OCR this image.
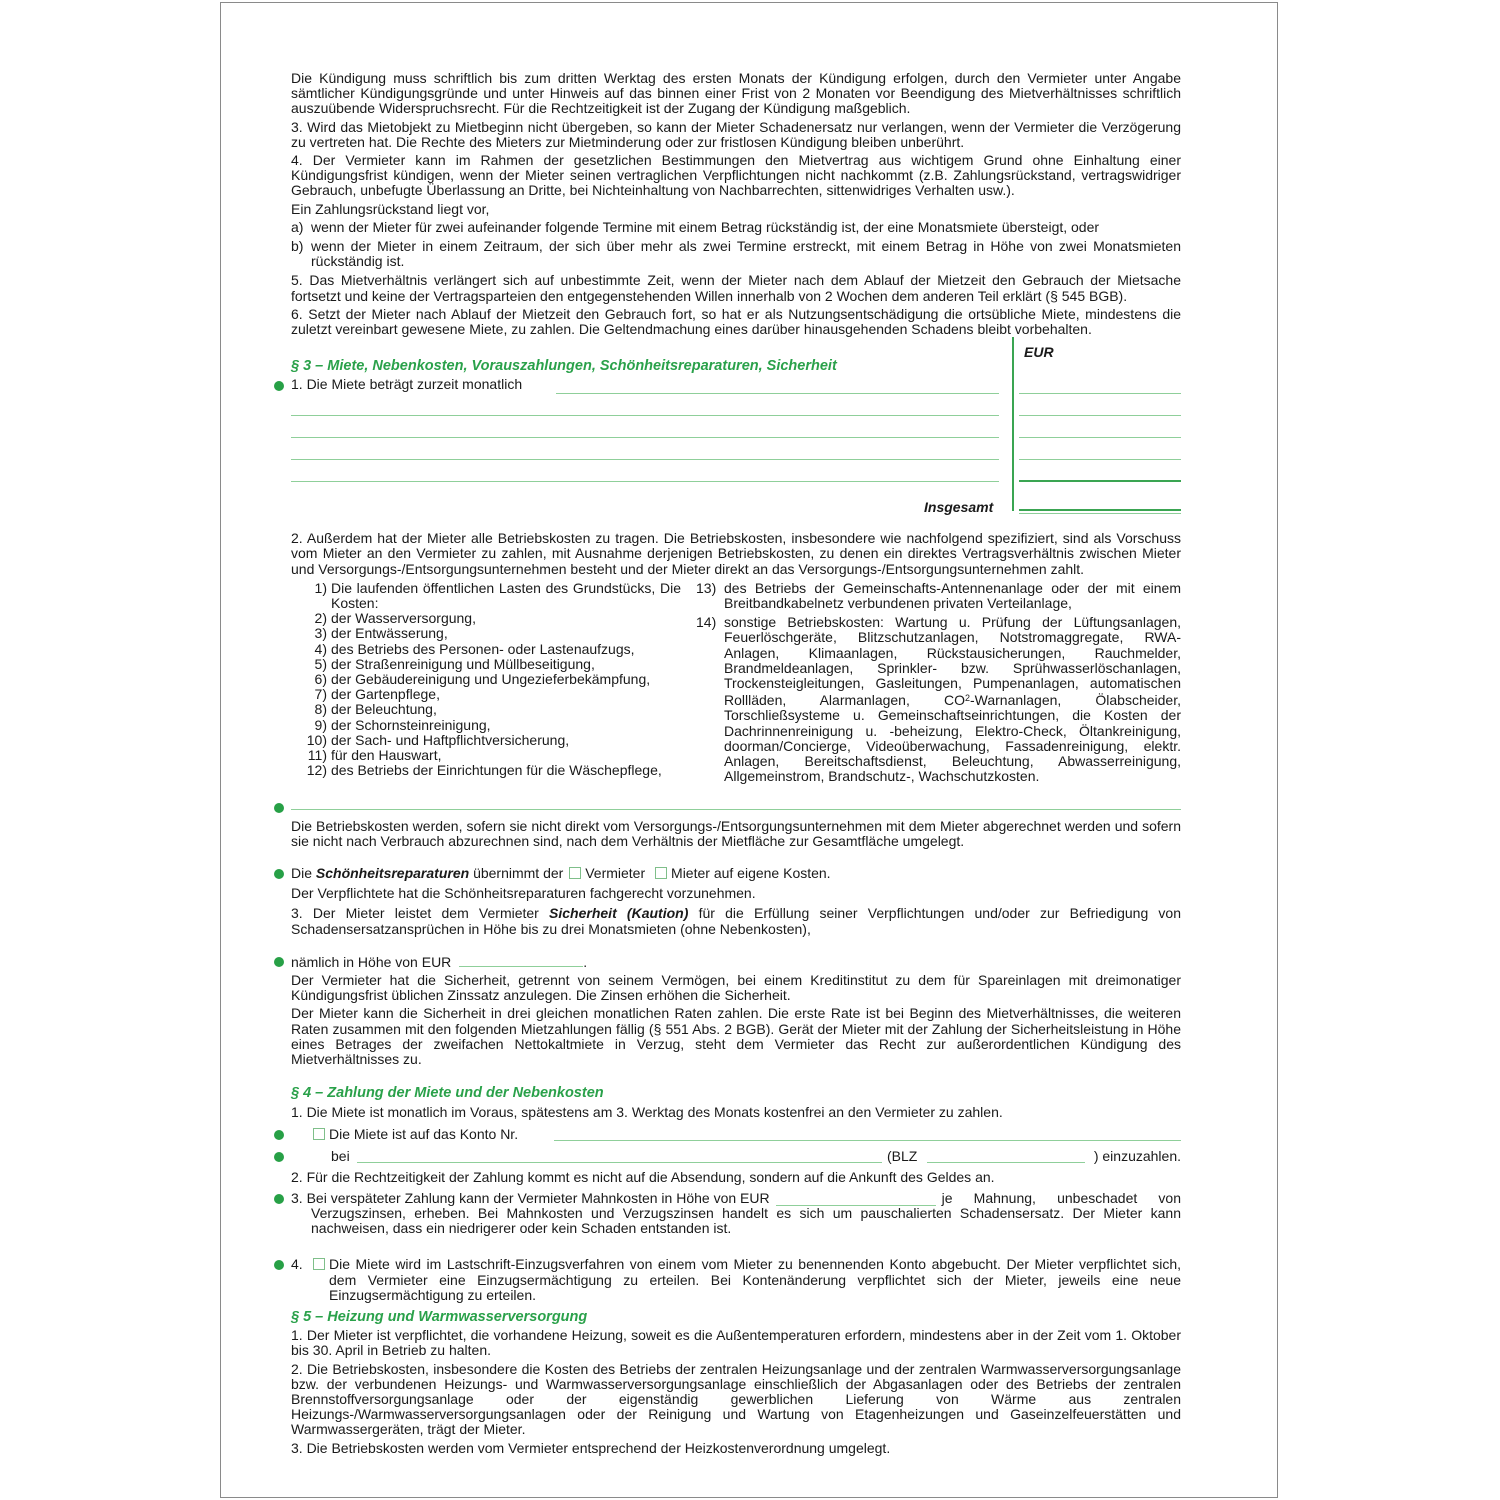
Die Kündigung muss schriftlich bis zum dritten Werktag des ersten Monats der Kündigung erfolgen, durch den Vermieter unter Angabe sämtlicher Kündigungsgründe und unter Hinweis auf das binnen einer Frist von 2 Monaten vor Beendigung des Mietverhältnisses schriftlich auszuübende Widerspruchsrecht. Für die Rechtzeitigkeit ist der Zugang der Kündigung maßgeblich.

3. Wird das Mietobjekt zu Mietbeginn nicht übergeben, so kann der Mieter Schadenersatz nur verlangen, wenn der Vermieter die Verzögerung zu vertreten hat. Die Rechte des Mieters zur Mietminderung oder zur fristlosen Kündigung bleiben unberührt.

4. Der Vermieter kann im Rahmen der gesetzlichen Bestimmungen den Mietvertrag aus wichtigem Grund ohne Einhaltung einer Kündigungsfrist kündigen, wenn der Mieter seinen vertraglichen Verpflichtungen nicht nachkommt (z.B. Zahlungsrückstand, vertragswidriger Gebrauch, unbefugte Überlassung an Dritte, bei Nichteinhaltung von Nachbarrechten, sittenwidriges Verhalten usw.).

Ein Zahlungsrückstand liegt vor,

a) wenn der Mieter für zwei aufeinander folgende Termine mit einem Betrag rückständig ist, der eine Monatsmiete übersteigt, oder
b) wenn der Mieter in einem Zeitraum, der sich über mehr als zwei Termine erstreckt, mit einem Betrag in Höhe von zwei Monatsmieten rückständig ist.

5. Das Mietverhältnis verlängert sich auf unbestimmte Zeit, wenn der Mieter nach dem Ablauf der Mietzeit den Gebrauch der Mietsache fortsetzt und keine der Vertragsparteien den entgegenstehenden Willen innerhalb von 2 Wochen dem anderen Teil erklärt (§ 545 BGB).

6. Setzt der Mieter nach Ablauf der Mietzeit den Gebrauch fort, so hat er als Nutzungsentschädigung die ortsübliche Miete, mindestens die zuletzt vereinbart gewesene Miete, zu zahlen. Die Geltendmachung eines darüber hinausgehenden Schadens bleibt vorbehalten.

§ 3 – Miete, Nebenkosten, Vorauszahlungen, Schönheitsreparaturen, Sicherheit
EUR
1. Die Miete beträgt zurzeit monatlich
Insgesamt

2. Außerdem hat der Mieter alle Betriebskosten zu tragen. Die Betriebskosten, insbesondere wie nachfolgend spezifiziert, sind als Vorschuss vom Mieter an den Vermieter zu zahlen, mit Ausnahme derjenigen Betriebskosten, zu denen ein direktes Vertragsverhältnis zwischen Mieter und Versorgungs-/Entsorgungsunternehmen besteht und der Mieter direkt an das Versorgungs-/Entsorgungsunternehmen zahlt.

1) Die laufenden öffentlichen Lasten des Grundstücks, Die Kosten:
2) der Wasserversorgung,
3) der Entwässerung,
4) des Betriebs des Personen- oder Lastenaufzugs,
5) der Straßenreinigung und Müllbeseitigung,
6) der Gebäudereinigung und Ungezieferbekämpfung,
7) der Gartenpflege,
8) der Beleuchtung,
9) der Schornsteinreinigung,
10) der Sach- und Haftpflichtversicherung,
11) für den Hauswart,
12) des Betriebs der Einrichtungen für die Wäschepflege,
13) des Betriebs der Gemeinschafts-Antennenanlage oder der mit einem Breitbandkabelnetz verbundenen privaten Verteilanlage,
14) sonstige Betriebskosten: Wartung u. Prüfung der Lüftungsanlagen, Feuerlöschgeräte, Blitzschutzanlagen, Notstromaggregate, RWA-Anlagen, Klimaanlagen, Rückstausicherungen, Rauchmelder, Brandmeldeanlagen, Sprinkler- bzw. Sprühwasserlöschanlagen, Trockensteigleitungen, Gasleitungen, Pumpenanlagen, automatischen Rollläden, Alarmanlagen, $CO^2$-Warnanlagen, Ölabscheider, Torschließsysteme u. Gemeinschaftseinrichtungen, die Kosten der Dachrinnenreinigung u. -beheizung, Elektro-Check, Öltankreinigung, doorman/Concierge, Videoüberwachung, Fassadenreinigung, elektr. Anlagen, Bereitschaftsdienst, Beleuchtung, Abwasserreinigung, Allgemeinstrom, Brandschutz-, Wachschutzkosten.

Die Betriebskosten werden, sofern sie nicht direkt vom Versorgungs-/Entsorgungsunternehmen mit dem Mieter abgerechnet werden und sofern sie nicht nach Verbrauch abzurechnen sind, nach dem Verhältnis der Mietfläche zur Gesamtfläche umgelegt.

Die Schönheitsreparaturen übernimmt der Vermieter Mieter auf eigene Kosten.

Der Verpflichtete hat die Schönheitsreparaturen fachgerecht vorzunehmen.

3. Der Mieter leistet dem Vermieter Sicherheit (Kaution) für die Erfüllung seiner Verpflichtungen und/oder zur Befriedigung von Schadensersatzansprüchen in Höhe bis zu drei Monatsmieten (ohne Nebenkosten),

nämlich in Höhe von EUR	.

Der Vermieter hat die Sicherheit, getrennt von seinem Vermögen, bei einem Kreditinstitut zu dem für Spareinlagen mit dreimonatiger Kündigungsfrist üblichen Zinssatz anzulegen. Die Zinsen erhöhen die Sicherheit.

Der Mieter kann die Sicherheit in drei gleichen monatlichen Raten zahlen. Die erste Rate ist bei Beginn des Mietverhältnisses, die weiteren Raten zusammen mit den folgenden Mietzahlungen fällig (§ 551 Abs. 2 BGB). Gerät der Mieter mit der Zahlung der Sicherheitsleistung in Höhe eines Betrages der zweifachen Nettokaltmiete in Verzug, steht dem Vermieter das Recht zur außerordentlichen Kündigung des Mietverhältnisses zu.

§ 4 – Zahlung der Miete und der Nebenkosten

1. Die Miete ist monatlich im Voraus, spätestens am 3. Werktag des Monats kostenfrei an den Vermieter zu zahlen.

Die Miete ist auf das Konto Nr.
bei	(BLZ	) einzuzahlen.

2. Für die Rechtzeitigkeit der Zahlung kommt es nicht auf die Absendung, sondern auf die Ankunft des Geldes an.

3. Bei verspäteter Zahlung kann der Vermieter Mahnkosten in Höhe von EUR	je Mahnung, unbeschadet von
Verzugszinsen, erheben. Bei Mahnkosten und Verzugszinsen handelt es sich um pauschalierten Schadensersatz. Der Mieter kann nachweisen, dass ein niedrigerer oder kein Schaden entstanden ist.
4.	Die Miete wird im Lastschrift-Einzugsverfahren von einem vom Mieter zu benennenden Konto abgebucht. Der Mieter verpflichtet sich, dem Vermieter eine Einzugsermächtigung zu erteilen. Bei Kontenänderung verpflichtet sich der Mieter, jeweils eine neue Einzugsermächtigung zu erteilen.
§ 5 – Heizung und Warmwasserversorgung

1. Der Mieter ist verpflichtet, die vorhandene Heizung, soweit es die Außentemperaturen erfordern, mindestens aber in der Zeit vom 1. Oktober bis 30. April in Betrieb zu halten.

2. Die Betriebskosten, insbesondere die Kosten des Betriebs der zentralen Heizungsanlage und der zentralen Warmwasserversorgungsanlage bzw. der verbundenen Heizungs- und Warmwasserversorgungsanlage einschließlich der Abgasanlagen oder des Betriebs der zentralen Brennstoffversorgungsanlage oder der eigenständig gewerblichen Lieferung von Wärme aus zentralen Heizungs-/Warmwasserversorgungsanlagen oder der Reinigung und Wartung von Etagenheizungen und Gaseinzelfeuerstätten und Warmwassergeräten, trägt der Mieter.

3. Die Betriebskosten werden vom Vermieter entsprechend der Heizkostenverordnung umgelegt.
